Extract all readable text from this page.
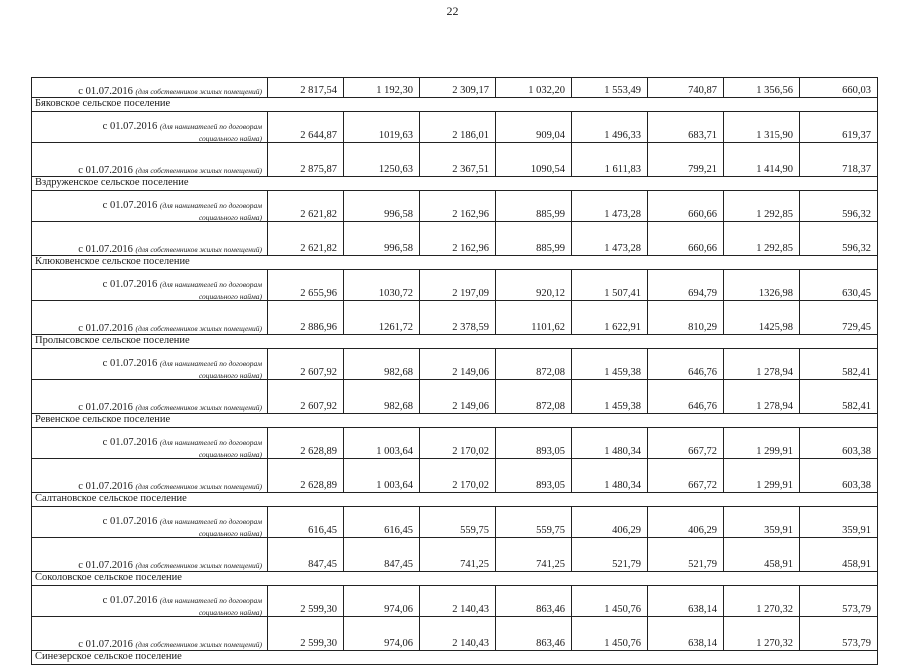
22
с 01.07.2016 (для собственников жилых помещений)	2 817,54	1 192,30	2 309,17	1 032,20	1 553,49	740,87	1 356,56	660,03
Бяковское сельское поселение								

с 01.07.2016 (для нанимателей по договорам
социального найма)	2 644,87	1019,63	2 186,01	909,04	1 496,33	683,71	1 315,90	619,37

с 01.07.2016 (для собственников жилых помещений)	2 875,87	1250,63	2 367,51	1090,54	1 611,83	799,21	1 414,90	718,37
Вздруженское сельское поселение								

с 01.07.2016 (для нанимателей по договорам
социального найма)	2 621,82	996,58	2 162,96	885,99	1 473,28	660,66	1 292,85	596,32

с 01.07.2016 (для собственников жилых помещений)	2 621,82	996,58	2 162,96	885,99	1 473,28	660,66	1 292,85	596,32
Клюковенское сельское поселение								

с 01.07.2016 (для нанимателей по договорам
социального найма)	2 655,96	1030,72	2 197,09	920,12	1 507,41	694,79	1326,98	630,45

с 01.07.2016 (для собственников жилых помещений)	2 886,96	1261,72	2 378,59	1101,62	1 622,91	810,29	1425,98	729,45
Пролысовское сельское поселение								

с 01.07.2016 (для нанимателей по договорам
социального найма)	2 607,92	982,68	2 149,06	872,08	1 459,38	646,76	1 278,94	582,41

с 01.07.2016 (для собственников жилых помещений)	2 607,92	982,68	2 149,06	872,08	1 459,38	646,76	1 278,94	582,41
Ревенское сельское поселение								

с 01.07.2016 (для нанимателей по договорам
социального найма)	2 628,89	1 003,64	2 170,02	893,05	1 480,34	667,72	1 299,91	603,38

с 01.07.2016 (для собственников жилых помещений)	2 628,89	1 003,64	2 170,02	893,05	1 480,34	667,72	1 299,91	603,38
Салтановское сельское поселение								

с 01.07.2016 (для нанимателей по договорам
социального найма)	616,45	616,45	559,75	559,75	406,29	406,29	359,91	359,91

с 01.07.2016 (для собственников жилых помещений)	847,45	847,45	741,25	741,25	521,79	521,79	458,91	458,91
Соколовское сельское поселение								

с 01.07.2016 (для нанимателей по договорам
социального найма)	2 599,30	974,06	2 140,43	863,46	1 450,76	638,14	1 270,32	573,79

с 01.07.2016 (для собственников жилых помещений)	2 599,30	974,06	2 140,43	863,46	1 450,76	638,14	1 270,32	573,79
Синезерское сельское поселение								
